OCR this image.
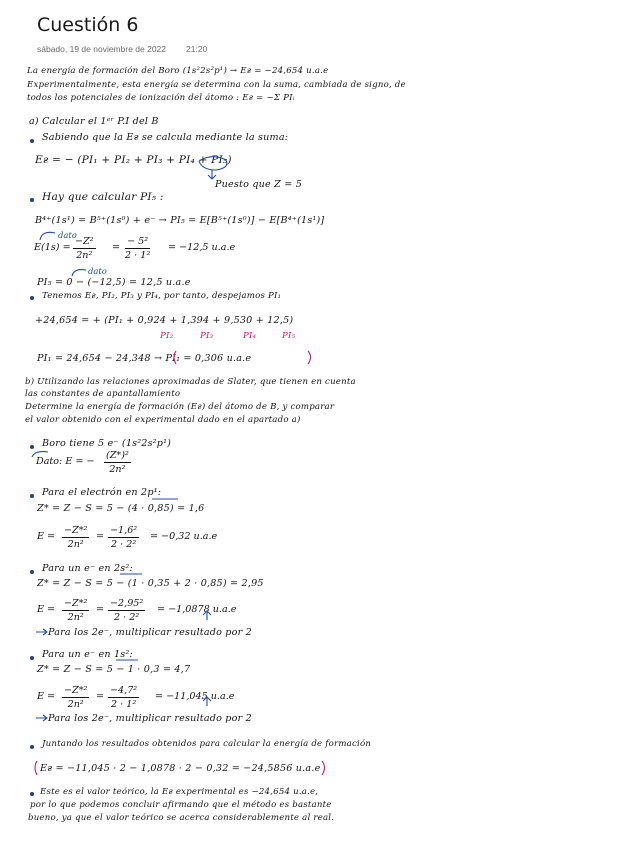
Cuestión 6
sábado, 19 de noviembre de 2022 21:20
La energía de formación del Boro (1s²2s²p¹) → Eғ = −24,654 u.a.e
Experimentalmente, esta energía se determina con la suma, cambiada de signo, de
todos los potenciales de ionización del átomo : Eғ = −Σ PIᵢ
a) Calcular el 1ᵉʳ P.I del B
Sabiendo que la Eғ se calcula mediante la suma:
Eғ = − (PI₁ + PI₂ + PI₃ + PI₄ + PI₅)
Puesto que Z = 5
Hay que calcular PI₅ :
B⁴⁺(1s¹) = B⁵⁺(1s⁰) + e⁻ → PI₅ = E[B⁵⁺(1s⁰)] − E[B⁴⁺(1s¹)]
dato
$E(1s) = \frac{\text{−Z²}}{\text{2n²}} = \frac{\text{− 5²}}{\text{2 · 1²}} = -12,5$ u.a.e
dato
PI₅ = 0 − (−12,5) = 12,5 u.a.e
Tenemos Eғ, PI₂, PI₃ y PI₄, por tanto, despejamos PI₁
+24,654 = + (PI₁ + 0,924 + 1,394 + 9,530 + 12,5)
PI₂	PI₃	PI₄	PI₅
PI₁ = 24,654 − 24,348 → PI₁ = 0,306 u.a.e
b) Utilizando las relaciones aproximadas de Slater, que tienen en cuenta
las constantes de apantallamiento
Determine la energía de formación (Eғ) del átomo de B, y comparar
el valor obtenido con el experimental dado en el apartado a)
Boro tiene 5 e⁻ (1s²2s²p¹)
Dato: E = − $\frac{\text{(Z*)²}}{\text{2n²}}$
Para el electrón en 2p¹:
Z* = Z − S = 5 − (4 · 0,85) = 1,6
$E = \frac{\text{−Z*²}}{\text{2n²}} = \frac{\text{−1,6²}}{\text{2 · 2²}} = -0,32$ u.a.e
Para un e⁻ en 2s²:
Z* = Z − S = 5 − (1 · 0,35 + 2 · 0,85) = 2,95
$E = \frac{\text{−Z*²}}{\text{2n²}} = \frac{\text{−2,95²}}{\text{2 · 2²}} = -1,0878$ u.a.e
Para los 2e⁻, multiplicar resultado por 2
Para un e⁻ en 1s²:
Z* = Z − S = 5 − 1 · 0,3 = 4,7
$E = \frac{\text{−Z*²}}{\text{2n²}} = \frac{\text{−4,7²}}{\text{2 · 1²}} = -11,045$ u.a.e
Para los 2e⁻, multiplicar resultado por 2
Juntando los resultados obtenidos para calcular la energía de formación
Eғ = −11,045 · 2 − 1,0878 · 2 − 0,32 = −24,5856 u.a.e
Este es el valor teórico, la Eғ experimental es −24,654 u.a.e,
por lo que podemos concluir afirmando que el método es bastante
bueno, ya que el valor teórico se acerca considerablemente al real.
